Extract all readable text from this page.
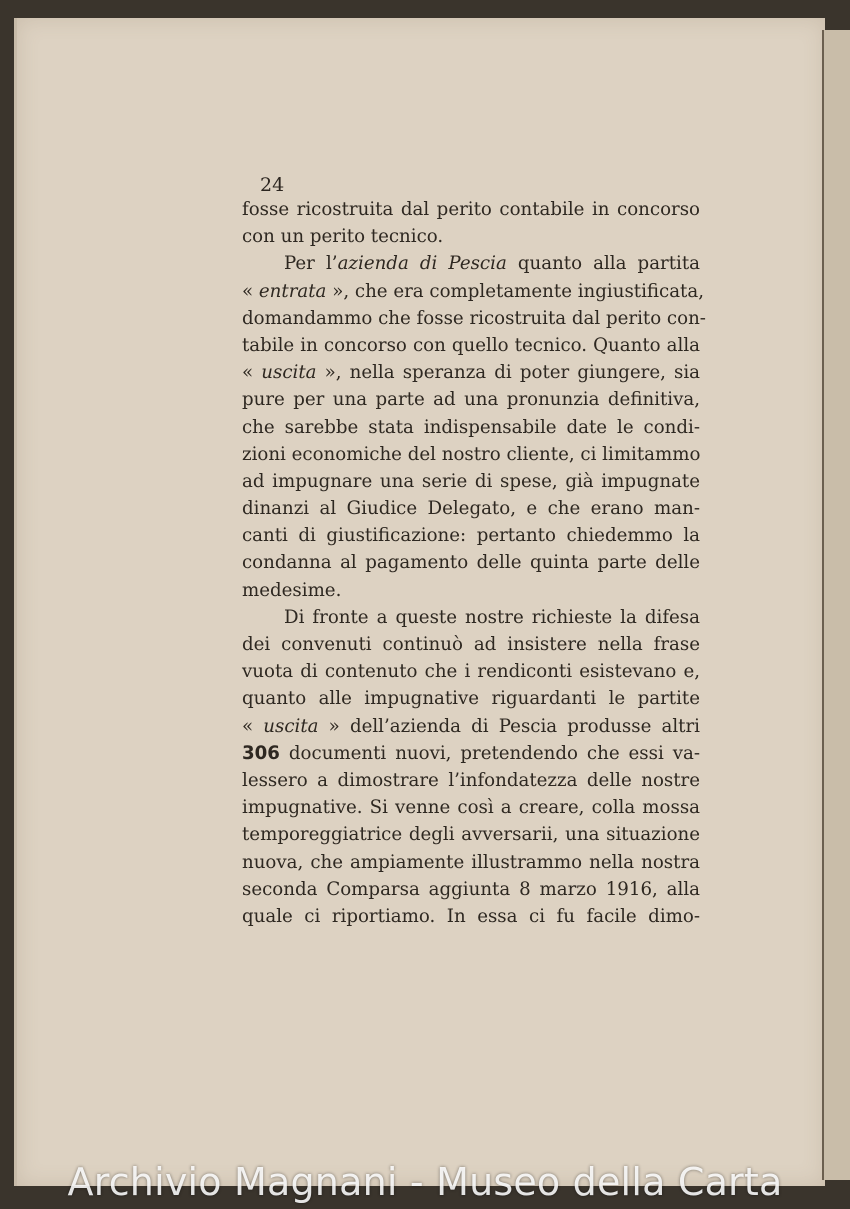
24
fosse ricostruita dal perito contabile in concorso
con un perito tecnico.
Per l’azienda di Pescia quanto alla partita
« entrata », che era completamente ingiustificata,
domandammo che fosse ricostruita dal perito con-
tabile in concorso con quello tecnico. Quanto alla
« uscita », nella speranza di poter giungere, sia
pure per una parte ad una pronunzia definitiva,
che sarebbe stata indispensabile date le condi-
zioni economiche del nostro cliente, ci limitammo
ad impugnare una serie di spese, già impugnate
dinanzi al Giudice Delegato, e che erano man-
canti di giustificazione: pertanto chiedemmo la
condanna al pagamento delle quinta parte delle
medesime.
Di fronte a queste nostre richieste la difesa
dei convenuti continuò ad insistere nella frase
vuota di contenuto che i rendiconti esistevano e,
quanto alle impugnative riguardanti le partite
« uscita » dell’azienda di Pescia produsse altri
306 documenti nuovi, pretendendo che essi va-
lessero a dimostrare l’infondatezza delle nostre
impugnative. Si venne così a creare, colla mossa
temporeggiatrice degli avversarii, una situazione
nuova, che ampiamente illustrammo nella nostra
seconda Comparsa aggiunta 8 marzo 1916, alla
quale ci riportiamo. In essa ci fu facile dimo-
Archivio Magnani - Museo della Carta
